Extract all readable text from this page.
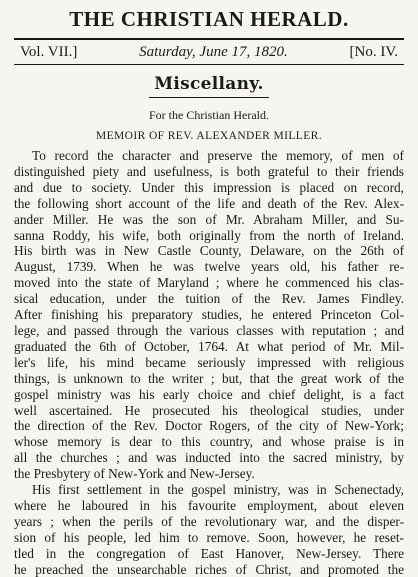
THE CHRISTIAN HERALD.
Vol. VII.]	Saturday, June 17, 1820.	[No. IV.
Miscellany.
For the Christian Herald.
MEMOIR OF REV. ALEXANDER MILLER.
To record the character and preserve the memory, of men of
distinguished piety and usefulness, is both grateful to their friends
and due to society. Under this impression is placed on record,
the following short account of the life and death of the Rev. Alex-
ander Miller. He was the son of Mr. Abraham Miller, and Su-
sanna Roddy, his wife, both originally from the north of Ireland.
His birth was in New Castle County, Delaware, on the 26th of
August, 1739. When he was twelve years old, his father re-
moved into the state of Maryland ; where he commenced his clas-
sical education, under the tuition of the Rev. James Findley.
After finishing his preparatory studies, he entered Princeton Col-
lege, and passed through the various classes with reputation ; and
graduated the 6th of October, 1764. At what period of Mr. Mil-
ler's life, his mind became seriously impressed with religious
things, is unknown to the writer ; but, that the great work of the
gospel ministry was his early choice and chief delight, is a fact
well ascertained. He prosecuted his theological studies, under
the direction of the Rev. Doctor Rogers, of the city of New-York;
whose memory is dear to this country, and whose praise is in
all the churches ; and was inducted into the sacred ministry, by
the Presbytery of New-York and New-Jersey.
His first settlement in the gospel ministry, was in Schenectady,
where he laboured in his favourite employment, about eleven
years ; when the perils of the revolutionary war, and the disper-
sion of his people, led him to remove. Soon, however, he reset-
tled in the congregation of East Hanover, New-Jersey. There
he preached the unsearchable riches of Christ, and promoted the
